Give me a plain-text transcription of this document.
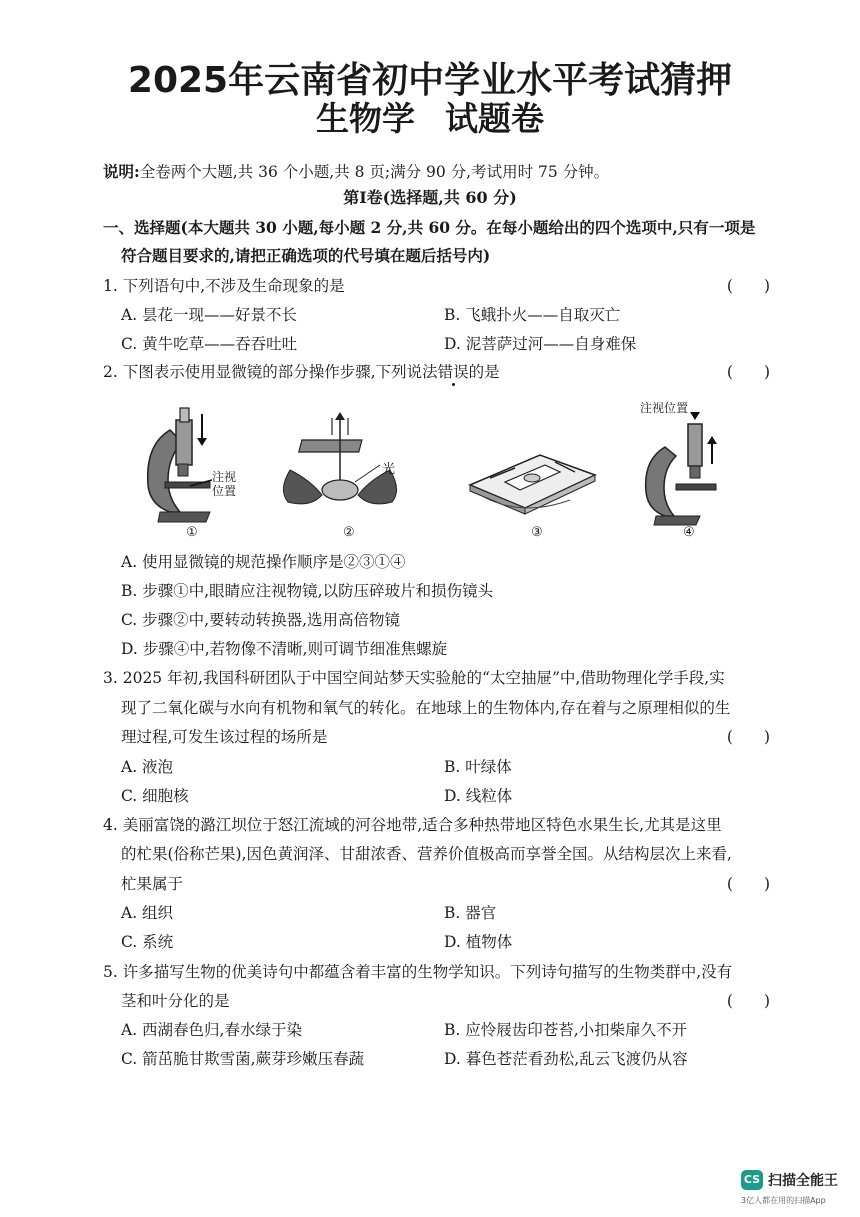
2025年云南省初中学业水平考试猜押
生物学 试题卷
说明:全卷两个大题,共 36 个小题,共 8 页;满分 90 分,考试用时 75 分钟。
第Ⅰ卷(选择题,共 60 分)
一、选择题(本大题共 30 小题,每小题 2 分,共 60 分。在每小题给出的四个选项中,只有一项是
符合题目要求的,请把正确选项的代号填在题后括号内)
1. 下列语句中,不涉及生命现象的是	(　　)
A. 昙花一现——好景不长	B. 飞蛾扑火——自取灭亡
C. 黄牛吃草——吞吞吐吐	D. 泥菩萨过河——自身难保
2. 下图表示使用显微镜的部分操作步骤,下列说法错误的是	(　　)
注视
位置
①
光
②	③
注视位置
④
A. 使用显微镜的规范操作顺序是②③①④
B. 步骤①中,眼睛应注视物镜,以防压碎玻片和损伤镜头
C. 步骤②中,要转动转换器,选用高倍物镜
D. 步骤④中,若物像不清晰,则可调节细准焦螺旋
3. 2025 年初,我国科研团队于中国空间站梦天实验舱的“太空抽屉”中,借助物理化学手段,实
现了二氧化碳与水向有机物和氧气的转化。在地球上的生物体内,存在着与之原理相似的生
理过程,可发生该过程的场所是	(　　)
A. 液泡	B. 叶绿体
C. 细胞核	D. 线粒体
4. 美丽富饶的潞江坝位于怒江流域的河谷地带,适合多种热带地区特色水果生长,尤其是这里
的杧果(俗称芒果),因色黄润泽、甘甜浓香、营养价值极高而享誉全国。从结构层次上来看,
杧果属于	(　　)
A. 组织	B. 器官
C. 系统	D. 植物体
5. 许多描写生物的优美诗句中都蕴含着丰富的生物学知识。下列诗句描写的生物类群中,没有
茎和叶分化的是	(　　)
A. 西湖春色归,春水绿于染	B. 应怜屐齿印苍苔,小扣柴扉久不开
C. 箭茁脆甘欺雪菌,蕨芽珍嫩压春蔬	D. 暮色苍茫看劲松,乱云飞渡仍从容
CS 扫描全能王
3亿人都在用的扫描App
